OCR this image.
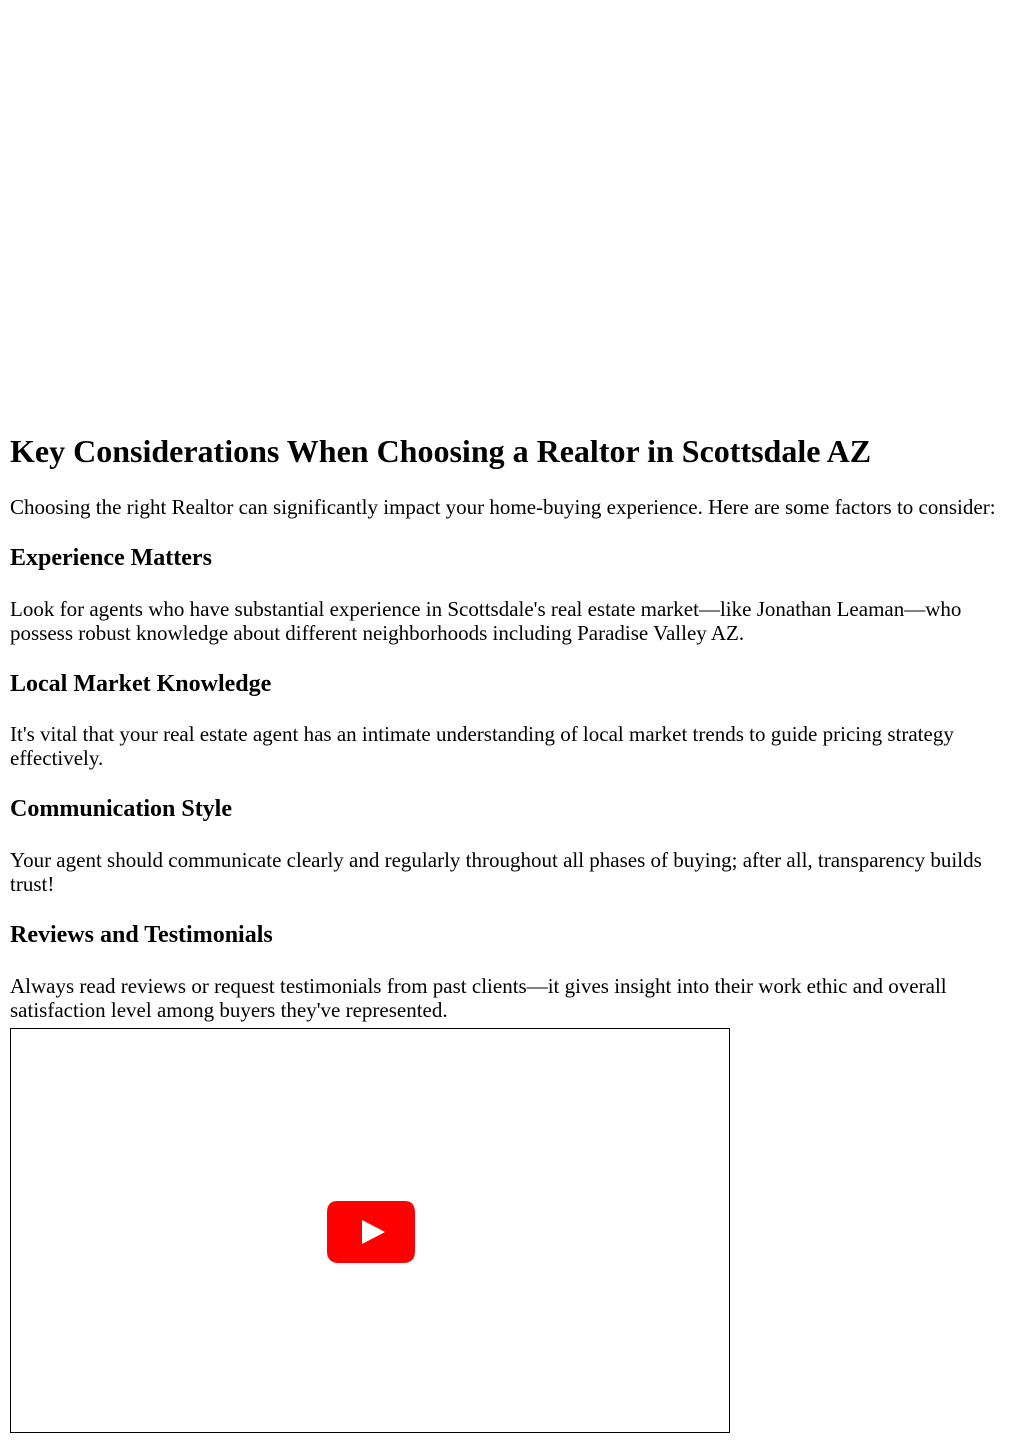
Key Considerations When Choosing a Realtor in Scottsdale AZ

Choosing the right Realtor can significantly impact your home-buying experience. Here are some factors to consider:

Experience Matters

Look for agents who have substantial experience in Scottsdale's real estate market—like Jonathan Leaman—who possess robust knowledge about different neighborhoods including Paradise Valley AZ.

Local Market Knowledge

It's vital that your real estate agent has an intimate understanding of local market trends to guide pricing strategy effectively.

Communication Style

Your agent should communicate clearly and regularly throughout all phases of buying; after all, transparency builds trust!

Reviews and Testimonials

Always read reviews or request testimonials from past clients—it gives insight into their work ethic and overall satisfaction level among buyers they've represented.
